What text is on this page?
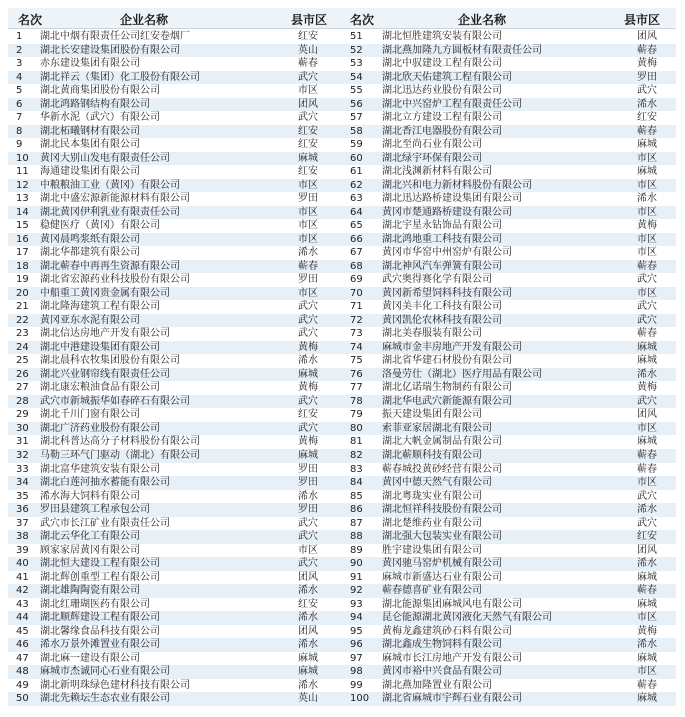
名次	企业名称	县市区 名次	企业名称	县市区
1	湖北中烟有限责任公司红安卷烟厂	红安
2	湖北长安建设集团股份有限公司	英山
3	赤东建设集团有限公司	蕲春
4	湖北祥云（集团）化工股份有限公司	武穴
5	湖北黄商集团股份有限公司	市区
6	湖北鸿路钢结构有限公司	团风
7	华新水泥（武穴）有限公司	武穴
8	湖北柘曦钢材有限公司	红安
9	湖北民本集团有限公司	红安
10	黄冈大别山发电有限责任公司	麻城
11	海通建设集团有限公司	红安
12	中粮粮油工业（黄冈）有限公司	市区
13	湖北中盛宏源新能源材料有限公司	罗田
14	湖北黄冈伊利乳业有限责任公司	市区
15	稳健医疗（黄冈）有限公司	市区
16	黄冈晨鸣浆纸有限公司	市区
17	湖北华都建筑有限公司	浠水
18	湖北蕲春中再再生资源有限公司	蕲春
19	湖北省宏源药业科技股份有限公司	罗田
20	中船重工黄冈贵金属有限公司	市区
21	湖北隆海建筑工程有限公司	武穴
22	黄冈亚东水泥有限公司	武穴
23	湖北信达房地产开发有限公司	武穴
24	湖北中港建设集团有限公司	黄梅
25	湖北晨科农牧集团股份有限公司	浠水
26	湖北兴业钢帘线有限责任公司	麻城
27	湖北康宏粮油食品有限公司	黄梅
28	武穴市新城振华如春碎石有限公司	武穴
29	湖北千川门窗有限公司	红安
30	湖北广济药业股份有限公司	武穴
31	湖北科普达高分子材料股份有限公司	黄梅
32	马勒三环气门驱动（湖北）有限公司	麻城
33	湖北富华建筑安装有限公司	罗田
34	湖北白莲河抽水蓄能有限公司	罗田
35	浠水海大饲料有限公司	浠水
36	罗田县建筑工程承包公司	罗田
37	武穴市长江矿业有限责任公司	武穴
38	湖北云华化工有限公司	武穴
39	顾家家居黄冈有限公司	市区
40	湖北恒大建设工程有限公司	武穴
41	湖北辉创重型工程有限公司	团风
42	湖北雄陶陶瓷有限公司	浠水
43	湖北红珊瑚医药有限公司	红安
44	湖北顺辉建设工程有限公司	浠水
45	湖北馨缘食品科技有限公司	团风
46	浠水万景外滩置业有限公司	浠水
47	湖北麻一建设有限公司	麻城
48	麻城市杰诚同心石业有限公司	麻城
49	湖北新明珠绿色建材科技有限公司	浠水
50	湖北先赖坛生态农业有限公司	英山
51	湖北恒胜建筑安装有限公司	团风
52	湖北燕加隆九方圆板材有限责任公司	蕲春
53	湖北中驭建设工程有限公司	黄梅
54	湖北欣天佑建筑工程有限公司	罗田
55	湖北迅达药业股份有限公司	武穴
56	湖北中兴窑炉工程有限责任公司	浠水
57	湖北立方建设工程有限公司	红安
58	湖北香江电器股份有限公司	蕲春
59	湖北至尚石业有限公司	麻城
60	湖北绿宇环保有限公司	市区
61	湖北浅渊新材料有限公司	麻城
62	湖北兴和电力新材料股份有限公司	市区
63	湖北迅达路桥建设集团有限公司	浠水
64	黄冈市楚通路桥建设有限公司	市区
65	湖北宇星永钻饰品有限公司	黄梅
66	湖北鸿地重工科技有限公司	市区
67	黄冈市华窑中州窑炉有限公司	市区
68	湖北神风汽车弹簧有限公司	蕲春
69	武穴奥得赛化学有限公司	武穴
70	黄冈新希望饲料科技有限公司	市区
71	黄冈美丰化工科技有限公司	武穴
72	黄冈凯伦农林科技有限公司	武穴
73	湖北美春服装有限公司	蕲春
74	麻城市金丰房地产开发有限公司	麻城
75	湖北省华建石材股份有限公司	麻城
76	洛曼劳仕（湖北）医疗用品有限公司	浠水
77	湖北亿诺瑞生物制药有限公司	黄梅
78	湖北华电武穴新能源有限公司	武穴
79	振天建设集团有限公司	团风
80	索菲亚家居湖北有限公司	市区
81	湖北大帆金属制品有限公司	麻城
82	湖北蕲顺科技有限公司	蕲春
83	蕲春城投黄砂经营有限公司	蕲春
84	黄冈中德天然气有限公司	市区
85	湖北粤珑实业有限公司	武穴
86	湖北恒祥科技股份有限公司	浠水
87	湖北楚维药业有限公司	武穴
88	湖北强大包装实业有限公司	红安
89	胜宇建设集团有限公司	团风
90	黄冈驰马窑炉机械有限公司	浠水
91	麻城市新盛达石业有限公司	麻城
92	蕲春德喜矿业有限公司	蕲春
93	湖北能源集团麻城风电有限公司	麻城
94	昆仑能源湖北黄冈液化天然气有限公司	市区
95	黄梅龙鑫建筑砂石料有限公司	黄梅
96	湖北鑫成生物饲料有限公司	浠水
97	麻城市长江房地产开发有限公司	麻城
98	黄冈市裕中兴食品有限公司	市区
99	湖北燕加隆置业有限公司	蕲春
100 湖北省麻城市宇辉石业有限公司	麻城
